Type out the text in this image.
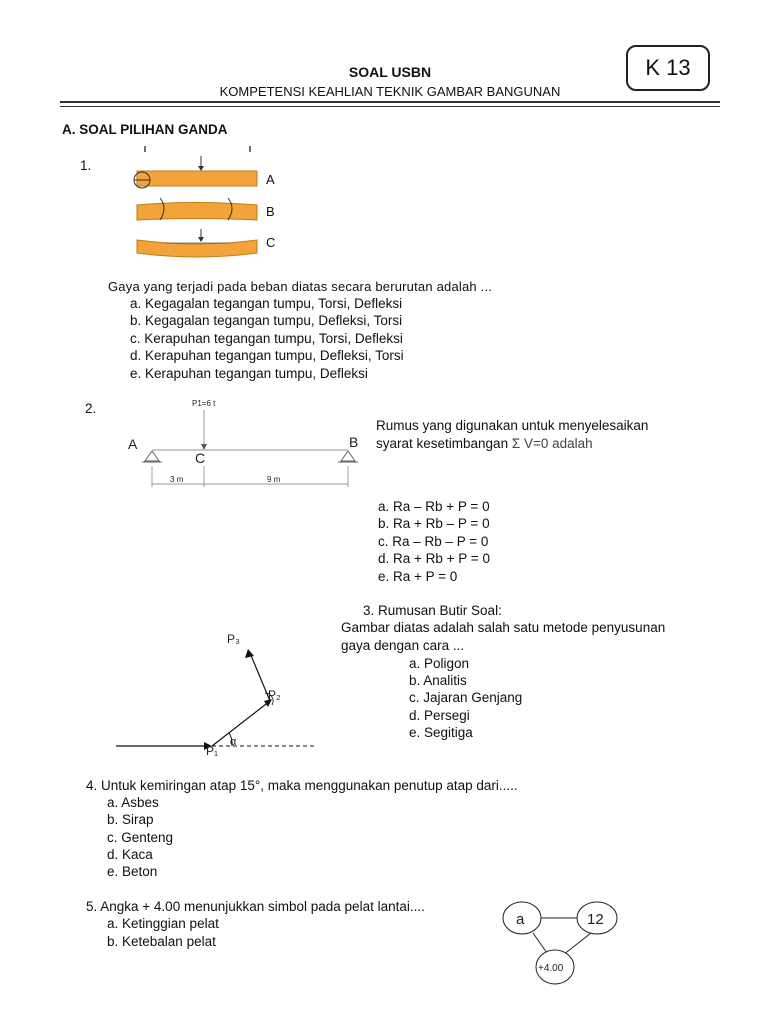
SOAL USBN
KOMPETENSI KEAHLIAN TEKNIK GAMBAR BANGUNAN
K 13
A. SOAL PILIHAN GANDA
1.
A
B
C
Gaya yang terjadi pada beban diatas secara berurutan adalah ...
a. Kegagalan tegangan tumpu, Torsi, Defleksi
b. Kegagalan tegangan tumpu, Defleksi, Torsi
c. Kerapuhan tegangan tumpu, Torsi, Defleksi
d. Kerapuhan tegangan tumpu, Defleksi, Torsi
e. Kerapuhan tegangan tumpu, Defleksi
2.	P1=6 t
A	B
C
3 m	9 m
Rumus yang digunakan untuk menyelesaikan
syarat kesetimbangan Σ V=0 adalah
a. Ra – Rb + P = 0
b. Ra + Rb – P = 0
c. Ra – Rb – P = 0
d. Ra + Rb + P = 0
e. Ra + P = 0
3. Rumusan Butir Soal:
Gambar diatas adalah salah satu metode penyusunan
gaya dengan cara ...
P₃
P₂
P₁
α
a. Poligon
b. Analitis
c. Jajaran Genjang
d. Persegi
e. Segitiga
4. Untuk kemiringan atap 15°, maka menggunakan penutup atap dari.....
a. Asbes
b. Sirap
c. Genteng
d. Kaca
e. Beton
5. Angka + 4.00 menunjukkan simbol pada pelat lantai....
a. Ketinggian pelat
b. Ketebalan pelat
a	12
+4.00
